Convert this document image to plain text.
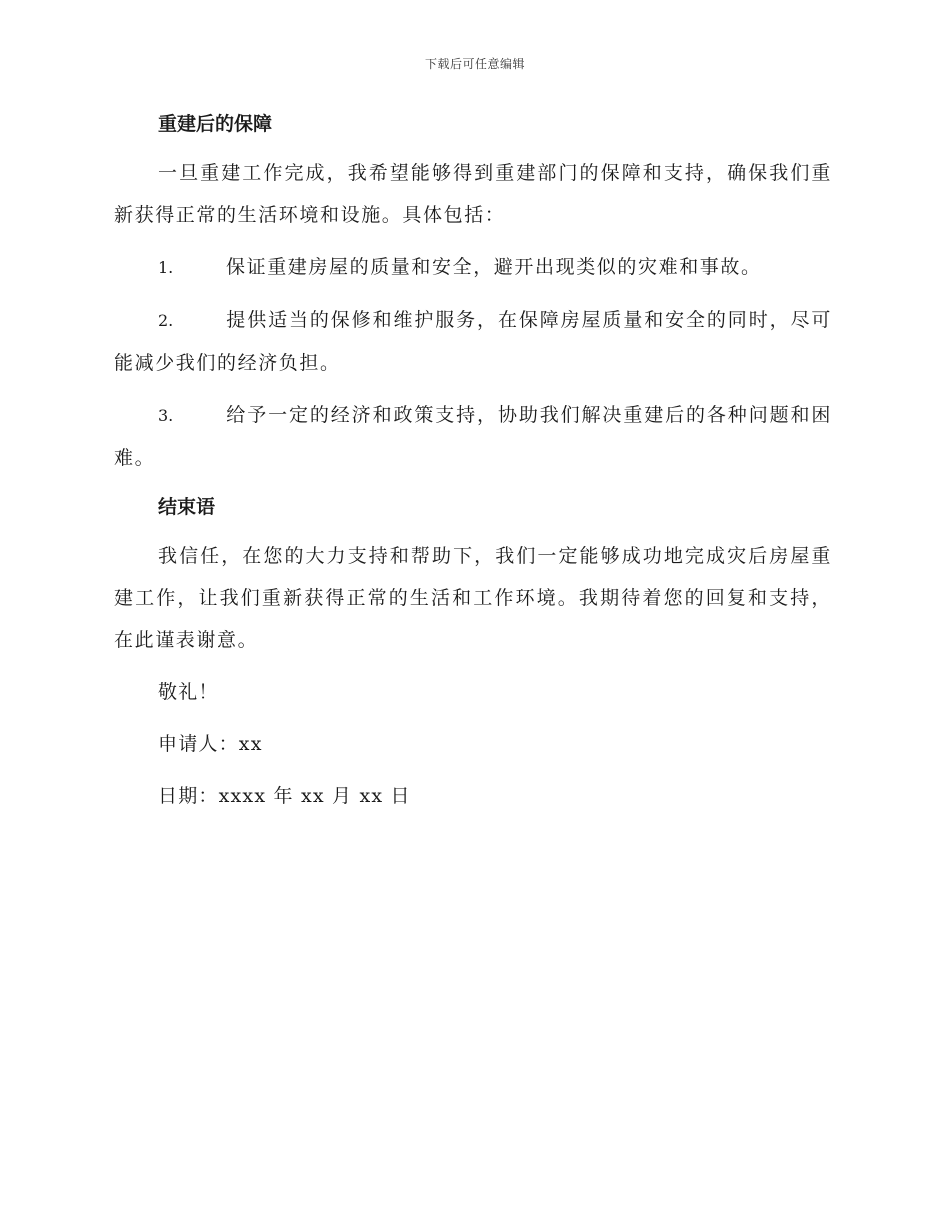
下载后可任意编辑
重建后的保障

一旦重建工作完成，我希望能够得到重建部门的保障和支持，确保我们重新获得正常的生活环境和设施。具体包括：

1.	保证重建房屋的质量和安全，避开出现类似的灾难和事故。

2.	提供适当的保修和维护服务，在保障房屋质量和安全的同时，尽可能减少我们的经济负担。

3.	给予一定的经济和政策支持，协助我们解决重建后的各种问题和困难。

结束语

我信任，在您的大力支持和帮助下，我们一定能够成功地完成灾后房屋重建工作，让我们重新获得正常的生活和工作环境。我期待着您的回复和支持，在此谨表谢意。

敬礼！

申请人：xx

日期：xxxx 年 xx 月 xx 日
